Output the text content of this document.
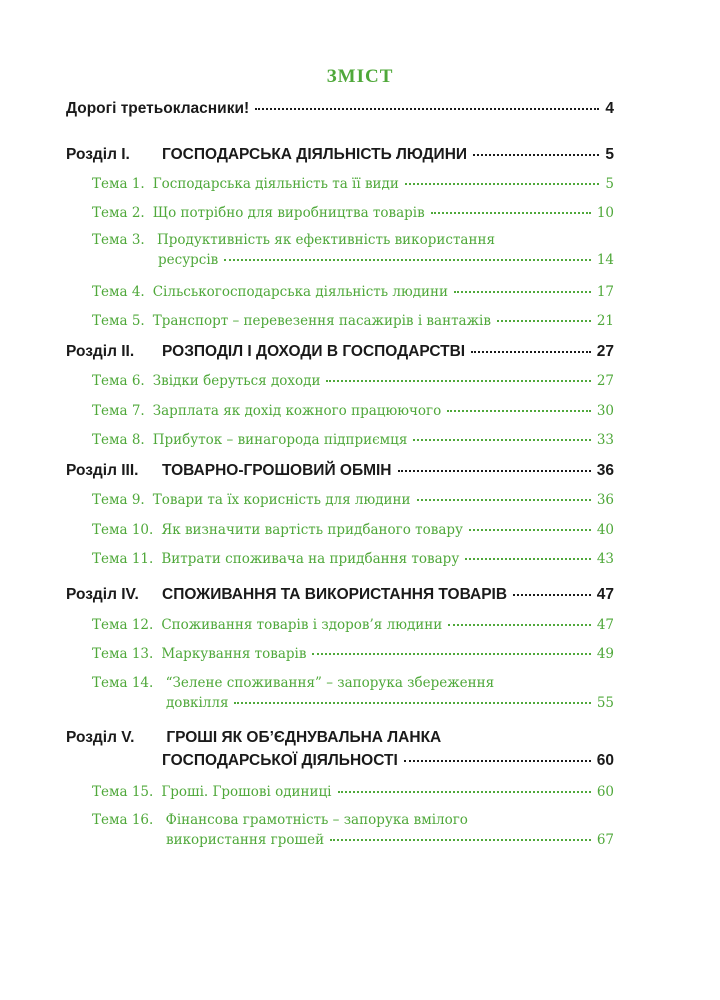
ЗМІСТ
Дорогі третьокласники!	4
Розділ І.	ГОСПОДАРСЬКА ДІЯЛЬНІСТЬ ЛЮДИНИ	5
Тема 1. Господарська діяльність та її види	5
Тема 2. Що потрібно для виробництва товарів	10
Тема 3. Продуктивність як ефективність використання
ресурсів	14
Тема 4. Сільськогосподарська діяльність людини	17
Тема 5. Транспорт – перевезення пасажирів і вантажів	21
Розділ ІІ.	РОЗПОДІЛ І ДОХОДИ В ГОСПОДАРСТВІ	27
Тема 6. Звідки беруться доходи	27
Тема 7. Зарплата як дохід кожного працюючого	30
Тема 8. Прибуток – винагорода підприємця	33
Розділ ІІІ.	ТОВАРНО-ГРОШОВИЙ ОБМІН	36
Тема 9. Товари та їх корисність для людини	36
Тема 10. Як визначити вартість придбаного товару	40
Тема 11. Витрати споживача на придбання товару	43
Розділ ІV.	СПОЖИВАННЯ ТА ВИКОРИСТАННЯ ТОВАРІВ	47
Тема 12. Споживання товарів і здоров’я людини	47
Тема 13. Маркування товарів	49
Тема 14. “Зелене споживання” – запорука збереження
довкілля	55
Розділ V. ГРОШІ ЯК ОБ’ЄДНУВАЛЬНА ЛАНКА
ГОСПОДАРСЬКОЇ ДІЯЛЬНОСТІ	60
Тема 15. Гроші. Грошові одиниці	60
Тема 16. Фінансова грамотність – запорука вмілого
використання грошей	67
